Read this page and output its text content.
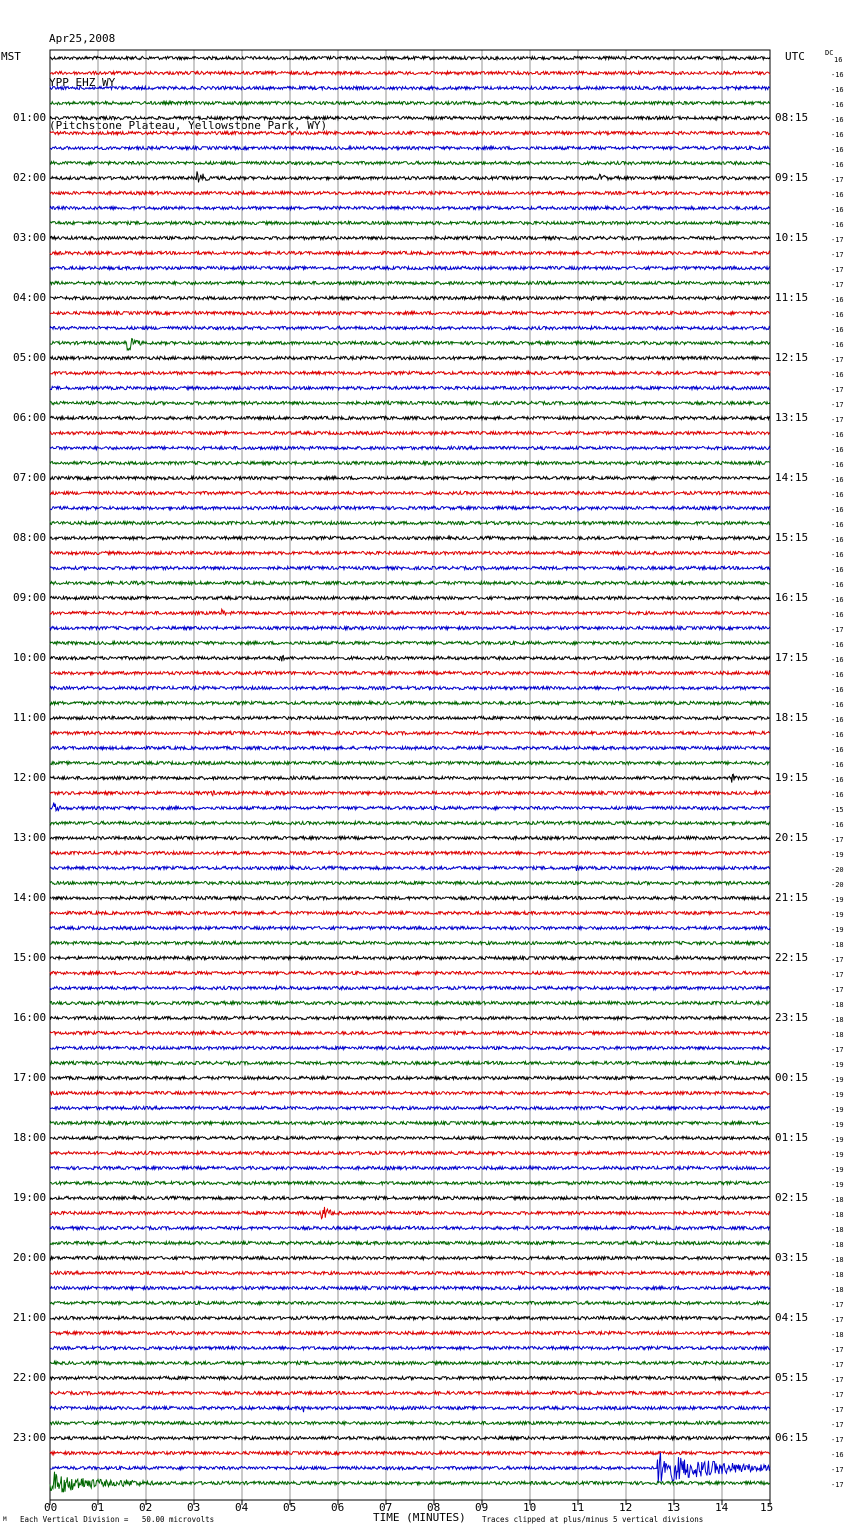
Apr25,2008

YPP EHZ WY

(Pitchstone Plateau, Yellowstone Park, WY)

00	01	02	03	04	05	06	07	08	09	10	11	12	13	14	15
16
-16
-16
-16
-16
01:00	08:15
-16
-16
-16
-17
02:00	09:15
-16
-16
-16
-17
03:00	10:15
-17
-17
-17
-16
04:00	11:15
-16
-16
-16
-17
05:00	12:15
-16
-17
-17
-17
06:00	13:15
-16
-16
-16
-16
07:00	14:15
-16
-16
-16
-16
08:00	15:15
-16
-16
-16
-16
09:00	16:15
-16
-17
-16
-16
10:00	17:15
-16
-16
-16
-16
11:00	18:15
-16
-16
-16
-16
12:00	19:15
-16
-15
-16
-17
13:00	20:15
-19
-20
-20
-19
14:00	21:15
-19
-19
-18
-17
15:00	22:15
-17
-17
-18
-18
16:00	23:15
-18
-17
-19
-19
17:00	00:15
-19
-19
-19
-19
18:00	01:15
-19
-19
-19
-18
19:00	02:15
-18
-18
-18
-18
20:00	03:15
-18
-18
-17
-17
21:00	04:15
-18
-17
-17
-17
22:00	05:15
-17
-17
-17
-17
23:00	06:15
-16
-17
-17
MST	UTC	DC
M Each Vertical Division =   50.00 microvolts	TIME (MINUTES) Traces clipped at plus/minus 5 vertical divisions
